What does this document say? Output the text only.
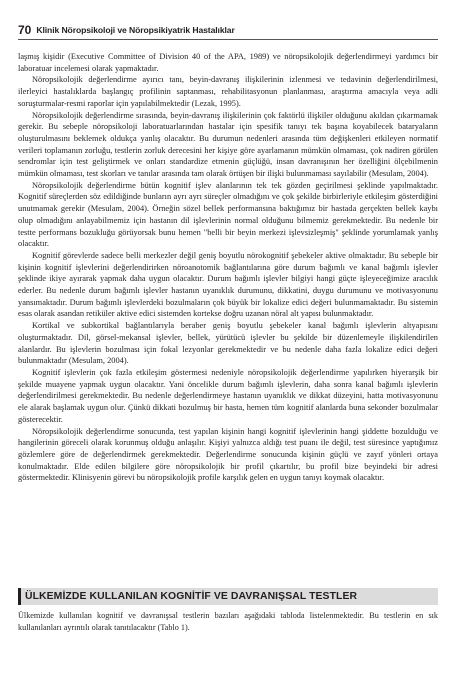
70 Klinik Nöropsikoloji ve Nöropsikiyatrik Hastalıklar

laşmış kişidir (Executive Committee of Division 40 of the APA, 1989) ve nöropsikolojik değerlendirmeyi yardımcı bir laboratuar incelemesi olarak yapmaktadır.

Nöropsikolojik değerlendirme ayırıcı tanı, beyin-davranış ilişkilerinin izlenmesi ve tedavinin değerlendirilmesi, ilerleyici hastalıklarda başlangıç profilinin saptanması, rehabilitasyonun planlanması, araştırma amacıyla veya adli soruşturmalar-resmi raporlar için yapılabilmektedir (Lezak, 1995).

Nöropsikolojik değerlendirme sırasında, beyin-davranış ilişkilerinin çok faktörlü ilişkiler olduğunu akıldan çıkarmamak gerekir. Bu sebeple nöropsikoloji laboratuarlarından hastalar için spesifik tanıyı tek başına koyabilecek bataryaların oluşturulmasını beklemek oldukça yanlış olacaktır. Bu durumun nedenleri arasında tüm değişkenleri etkileyen normatif verileri toplamanın zorluğu, testlerin zorluk derecesini her kişiye göre ayarlamanın mümkün olmaması, çok nadiren görülen sendromlar için test geliştirmek ve onları standardize etmenin güçlüğü, insan davranışının her özelliğini ölçebilmenin mümkün olmaması, test skorları ve tanılar arasında tam olarak örtüşen bir ilişki bulunmaması sayılabilir (Mesulam, 2004).

Nöropsikolojik değerlendirme bütün kognitif işlev alanlarının tek tek gözden geçirilmesi şeklinde yapılmaktadır. Kognitif süreçlerden söz edildiğinde bunların ayrı ayrı süreçler olmadığını ve çok şekilde birbirleriyle etkileşim gösterdiğini unutmamak gerekir (Mesulam, 2004). Örneğin sözel bellek performansına baktığımız bir hastada gerçekten bellek kaybı olup olmadığını anlayabilmemiz için hastanın dil işlevlerinin normal olduğunu bilmemiz gerekmektedir. Bu nedenle bir testte performans bozukluğu görüyorsak bunu hemen "belli bir beyin merkezi işlevsizleşmiş" şeklinde yorumlamak yanlış olacaktır.

Kognitif görevlerde sadece belli merkezler değil geniş boyutlu nörokognitif şebekeler aktive olmaktadır. Bu sebeple bir kişinin kognitif işlevlerini değerlendirirken nöroanotomik bağlantılarına göre durum bağımlı ve kanal bağımlı işlevler şeklinde ikiye ayırarak yapmak daha uygun olacaktır. Durum bağımlı işlevler bilgiyi hangi güçte işleyeceğimize aracılık ederler. Bu nedenle durum bağımlı işlevler hastanın uyanıklık durumunu, dikkatini, duygu durumunu ve motivasyonunu yansımaktadır. Durum bağımlı işlevlerdeki bozulmaların çok büyük bir lokalize edici değeri bulunmamaktadır. Bu sistemin esas olarak asandan retiküler aktive edici sistemden kortekse doğru uzanan nöral alt yapısı bulunmaktadır.

Kortikal ve subkortikal bağlantılarıyla beraber geniş boyutlu şebekeler kanal bağımlı işlevlerin altyapısını oluşturmaktadır. Dil, görsel-mekansal işlevler, bellek, yürütücü işlevler bu şekilde bir düzenlemeyle ilişkilendirilen alanlardır. Bu işlevlerin bozulması için fokal lezyonlar gerekmektedir ve bu nedenle daha fazla lokalize edici değeri bulunmaktadır (Mesulam, 2004).

Kognitif işlevlerin çok fazla etkileşim göstermesi nedeniyle nöropsikolojik değerlendirme yapılırken hiyerarşik bir şekilde muayene yapmak uygun olacaktır. Yani öncelikle durum bağımlı işlevlerin, daha sonra kanal bağımlı işlevlerin değerlendirilmesi gerekmektedir. Bu nedenle değerlendirmeye hastanın uyanıklık ve dikkat düzeyini, hatta motivasyonunu ele alarak başlamak uygun olur. Çünkü dikkati bozulmuş bir hasta, hemen tüm kognitif alanlarda buna sekonder bozulmalar gösterecektir.

Nöropsikolojik değerlendirme sonucunda, test yapılan kişinin hangi kognitif işlevlerinin hangi şiddette bozulduğu ve hangilerinin göreceli olarak korunmuş olduğu anlaşılır. Kişiyi yalnızca aldığı test puanı ile değil, test süresince yaptığımız gözlemlere göre de değerlendirmek gerekmektedir. Değerlendirme sonucunda kişinin güçlü ve zayıf yönleri ortaya konulmaktadır. Elde edilen bilgilere göre nöropsikolojik bir profil çıkartılır, bu profil bize beyindeki bir adresi göstermektedir. Klinisyenin görevi bu nöropsikolojik profile karşılık gelen en uygun tanıyı koymak olacaktır.

ÜLKEMİZDE KULLANILAN KOGNİTİF VE DAVRANIŞSAL TESTLER

Ülkemizde kullanılan kognitif ve davranışsal testlerin bazıları aşağıdaki tabloda listelenmektedir. Bu testlerin en sık kullanılanları ayrıntılı olarak tanıtılacaktır (Tablo 1).
